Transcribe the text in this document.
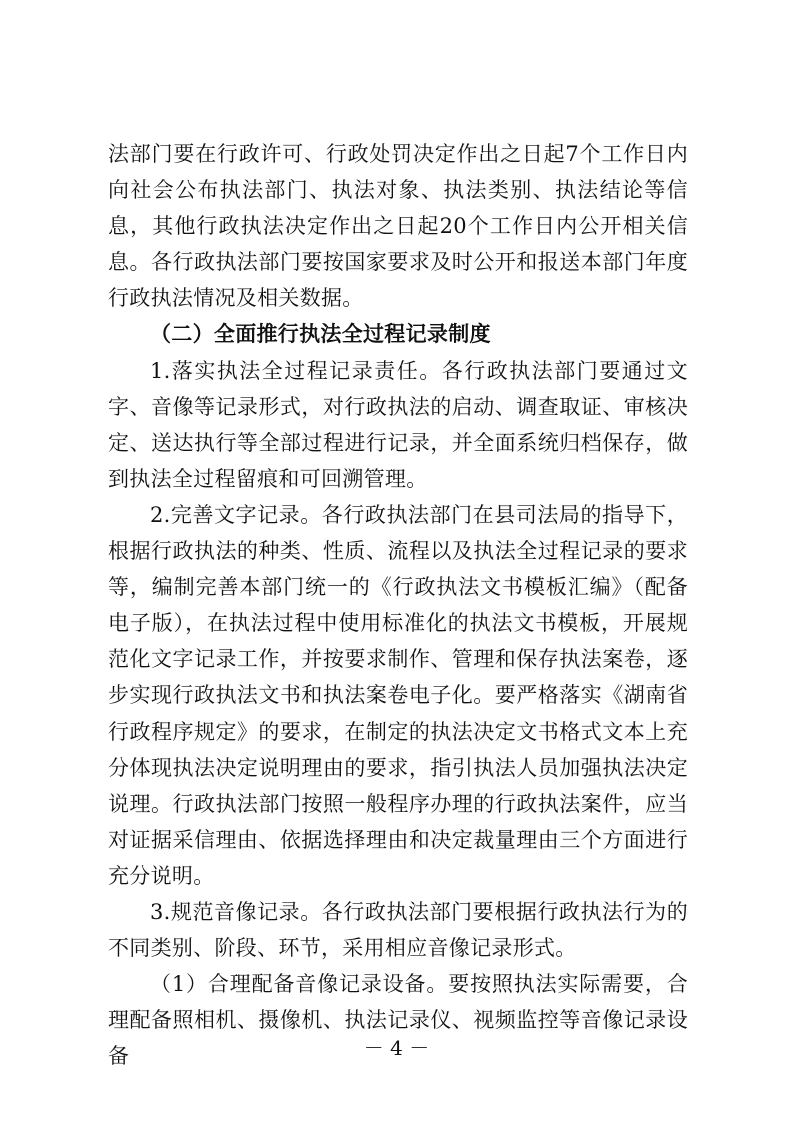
法部门要在行政许可、行政处罚决定作出之日起7个工作日内向社会公布执法部门、执法对象、执法类别、执法结论等信息，其他行政执法决定作出之日起20个工作日内公开相关信息。各行政执法部门要按国家要求及时公开和报送本部门年度行政执法情况及相关数据。

（二）全面推行执法全过程记录制度

1.落实执法全过程记录责任。各行政执法部门要通过文字、音像等记录形式，对行政执法的启动、调查取证、审核决定、送达执行等全部过程进行记录，并全面系统归档保存，做到执法全过程留痕和可回溯管理。

2.完善文字记录。各行政执法部门在县司法局的指导下，根据行政执法的种类、性质、流程以及执法全过程记录的要求等，编制完善本部门统一的《行政执法文书模板汇编》（配备电子版），在执法过程中使用标准化的执法文书模板，开展规范化文字记录工作，并按要求制作、管理和保存执法案卷，逐步实现行政执法文书和执法案卷电子化。要严格落实《湖南省行政程序规定》的要求，在制定的执法决定文书格式文本上充分体现执法决定说明理由的要求，指引执法人员加强执法决定说理。行政执法部门按照一般程序办理的行政执法案件，应当对证据采信理由、依据选择理由和决定裁量理由三个方面进行充分说明。

3.规范音像记录。各行政执法部门要根据行政执法行为的不同类别、阶段、环节，采用相应音像记录形式。

（1）合理配备音像记录设备。要按照执法实际需要，合理配备照相机、摄像机、执法记录仪、视频监控等音像记录设备	－ 4 －
